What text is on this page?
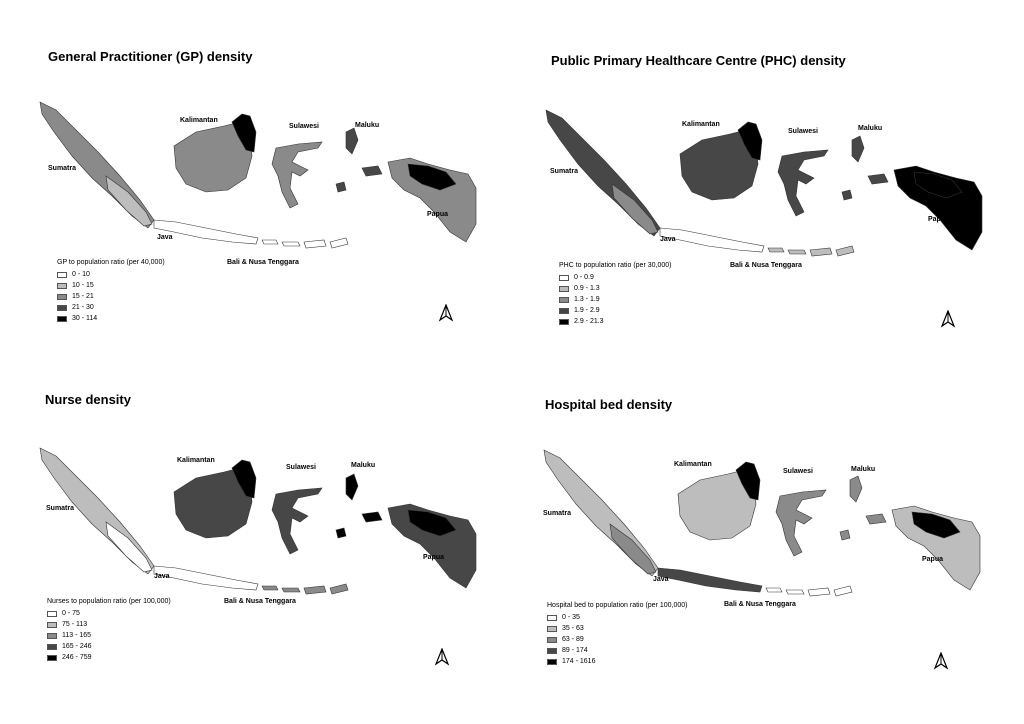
General Practitioner (GP) density
Kalimantan
Sulawesi	Maluku
Sumatra
Papua
Java
Bali & Nusa Tenggara
GP to population ratio (per 40,000)
0 - 10
10 - 15
15 - 21
21 - 30
30 - 114
Public Primary Healthcare Centre (PHC) density
Kalimantan
Sulawesi	Maluku
Sumatra
Papua
Java
Bali & Nusa Tenggara
PHC to population ratio (per 30,000)
0 - 0.9
0.9 - 1.3
1.3 - 1.9
1.9 - 2.9
2.9 - 21.3
Nurse density
Kalimantan
Sulawesi	Maluku
Sumatra
Papua
Java
Bali & Nusa Tenggara
Nurses to population ratio (per 100,000)
0 - 75
75 - 113
113 - 165
165 - 246
246 - 759
Hospital bed density
Kalimantan
Sulawesi	Maluku
Sumatra
Papua
Java
Bali & Nusa Tenggara
Hospital bed to population ratio (per 100,000)
0 - 35
35 - 63
63 - 89
89 - 174
174 - 1616
